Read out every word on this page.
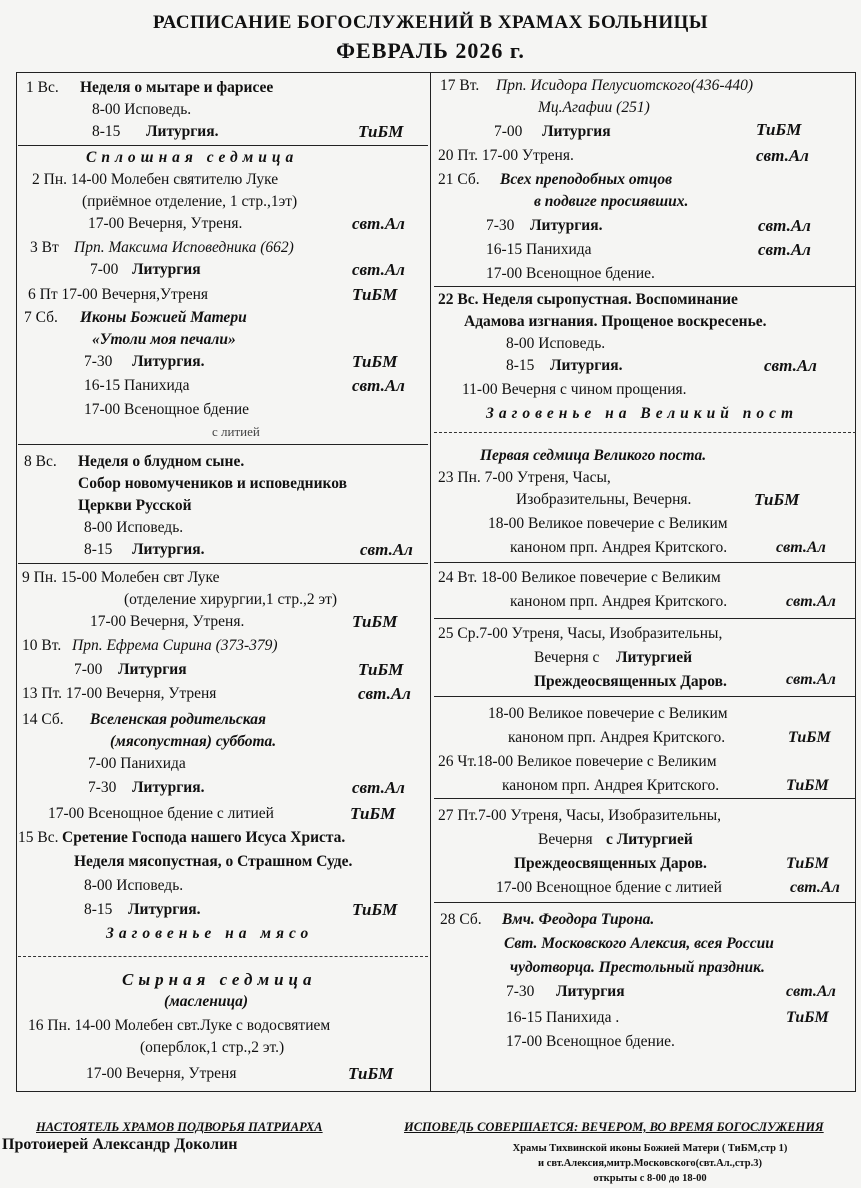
РАСПИСАНИЕ БОГОСЛУЖЕНИЙ В ХРАМАХ БОЛЬНИЦЫ
ФЕВРАЛЬ 2026 г.
1 Вс. Неделя о мытаре и фарисее
8-00 Исповедь.
8-15 Литургия.	ТиБМ
Сплошная седмица
2 Пн. 14-00 Молебен святителю Луке
(приёмное отделение, 1 стр.,1эт)
17-00 Вечерня, Утреня.	свт.Ал
3 Вт Прп. Максима Исповедника (662)
7-00 Литургия	свт.Ал
6 Пт 17-00 Вечерня,Утреня	ТиБМ
7 Сб. Иконы Божией Матери
«Утоли моя печали»
7-30 Литургия.	ТиБМ
16-15 Панихида	свт.Ал
17-00 Всенощное бдение
с литией
8 Вс. Неделя о блудном сыне.
Собор новомучеников и исповедников
Церкви Русской
8-00 Исповедь.
8-15 Литургия.	свт.Ал
9 Пн. 15-00 Молебен свт Луке
(отделение хирургии,1 стр.,2 эт)
17-00 Вечерня, Утреня.	ТиБМ
10 Вт. Прп. Ефрема Сирина (373-379)
7-00 Литургия	ТиБМ
13 Пт. 17-00 Вечерня, Утреня	свт.Ал
14 Сб. Вселенская родительская
(мясопустная) суббота.
7-00 Панихида
7-30 Литургия.	свт.Ал
17-00 Всенощное бдение с литией	ТиБМ
15 Вс. Сретение Господа нашего Исуса Христа.
Неделя мясопустная, о Страшном Суде.
8-00 Исповедь.
8-15 Литургия.	ТиБМ
Заговенье на мясо
Сырная седмица
(масленица)
16 Пн. 14-00 Молебен свт.Луке с водосвятием
(оперблок,1 стр.,2 эт.)
17-00 Вечерня, Утреня	ТиБМ
17 Вт. Прп. Исидора Пелусиотского(436-440)
Мц.Агафии (251)
7-00 Литургия	ТиБМ
20 Пт. 17-00 Утреня.	свт.Ал
21 Сб. Всех преподобных отцов
в подвиге просиявших.
7-30 Литургия.	свт.Ал
16-15 Панихида	свт.Ал
17-00 Всенощное бдение.
22 Вс. Неделя сыропустная. Воспоминание
Адамова изгнания. Прощеное воскресенье.
8-00 Исповедь.
8-15 Литургия.	свт.Ал
11-00 Вечерня с чином прощения.
Заговенье на Великий пост
Первая седмица Великого поста.
23 Пн. 7-00 Утреня, Часы,
Изобразительны, Вечерня.	ТиБМ
18-00 Великое повечерие с Великим
каноном прп. Андрея Критского.	свт.Ал
24 Вт. 18-00 Великое повечерие с Великим
каноном прп. Андрея Критского.	свт.Ал
25 Ср.7-00 Утреня, Часы, Изобразительны,
Вечерня с Литургией
Преждеосвященных Даров.	свт.Ал
18-00 Великое повечерие с Великим
каноном прп. Андрея Критского.	ТиБМ
26 Чт.18-00 Великое повечерие с Великим
каноном прп. Андрея Критского.	ТиБМ
27 Пт.7-00 Утреня, Часы, Изобразительны,
Вечерня с Литургией
Преждеосвященных Даров.	ТиБМ
17-00 Всенощное бдение с литией	свт.Ал
28 Сб. Вмч. Феодора Тирона.
Свт. Московского Алексия, всея России
чудотворца. Престольный праздник.
7-30 Литургия	свт.Ал
16-15 Панихида .	ТиБМ
17-00 Всенощное бдение.
НАСТОЯТЕЛЬ ХРАМОВ ПОДВОРЬЯ ПАТРИАРХА
Протоиерей Александр Доколин
ИСПОВЕДЬ СОВЕРШАЕТСЯ: ВЕЧЕРОМ, ВО ВРЕМЯ БОГОСЛУЖЕНИЯ
Храмы Тихвинской иконы Божией Матери ( ТиБМ,стр 1)
и свт.Алексия,митр.Московского(свт.Ал.,стр.3)
открыты с 8-00 до 18-00
